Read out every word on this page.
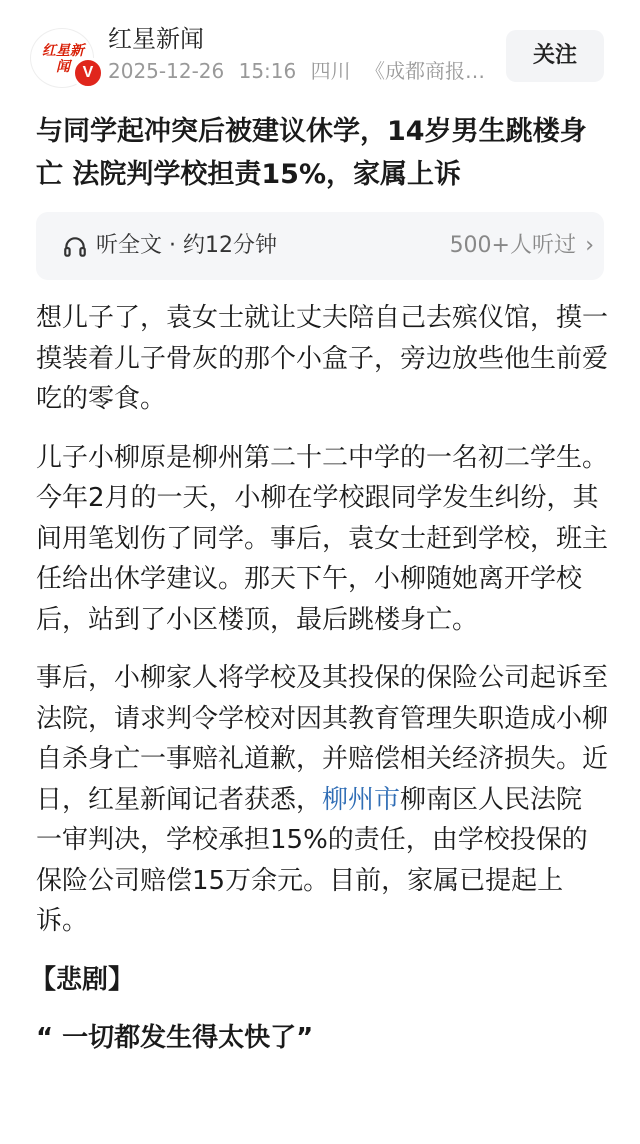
红星新闻 V
红星新闻
2025-12-26 15:16 四川 《成都商报…
关注
与同学起冲突后被建议休学，14岁男生跳楼身亡 法院判学校担责15%，家属上诉
听全文 · 约12分钟	500+人听过 ›

想儿子了，袁女士就让丈夫陪自己去殡仪馆，摸一摸装着儿子骨灰的那个小盒子，旁边放些他生前爱吃的零食。

儿子小柳原是柳州第二十二中学的一名初二学生。今年2月的一天，小柳在学校跟同学发生纠纷，其间用笔划伤了同学。事后，袁女士赶到学校，班主任给出休学建议。那天下午，小柳随她离开学校后，站到了小区楼顶，最后跳楼身亡。

事后，小柳家人将学校及其投保的保险公司起诉至法院，请求判令学校对因其教育管理失职造成小柳自杀身亡一事赔礼道歉，并赔偿相关经济损失。近日，红星新闻记者获悉，柳州市柳南区人民法院一审判决，学校承担15%的责任，由学校投保的保险公司赔偿15万余元。目前，家属已提起上诉。

【悲剧】
“ 一切都发生得太快了”
